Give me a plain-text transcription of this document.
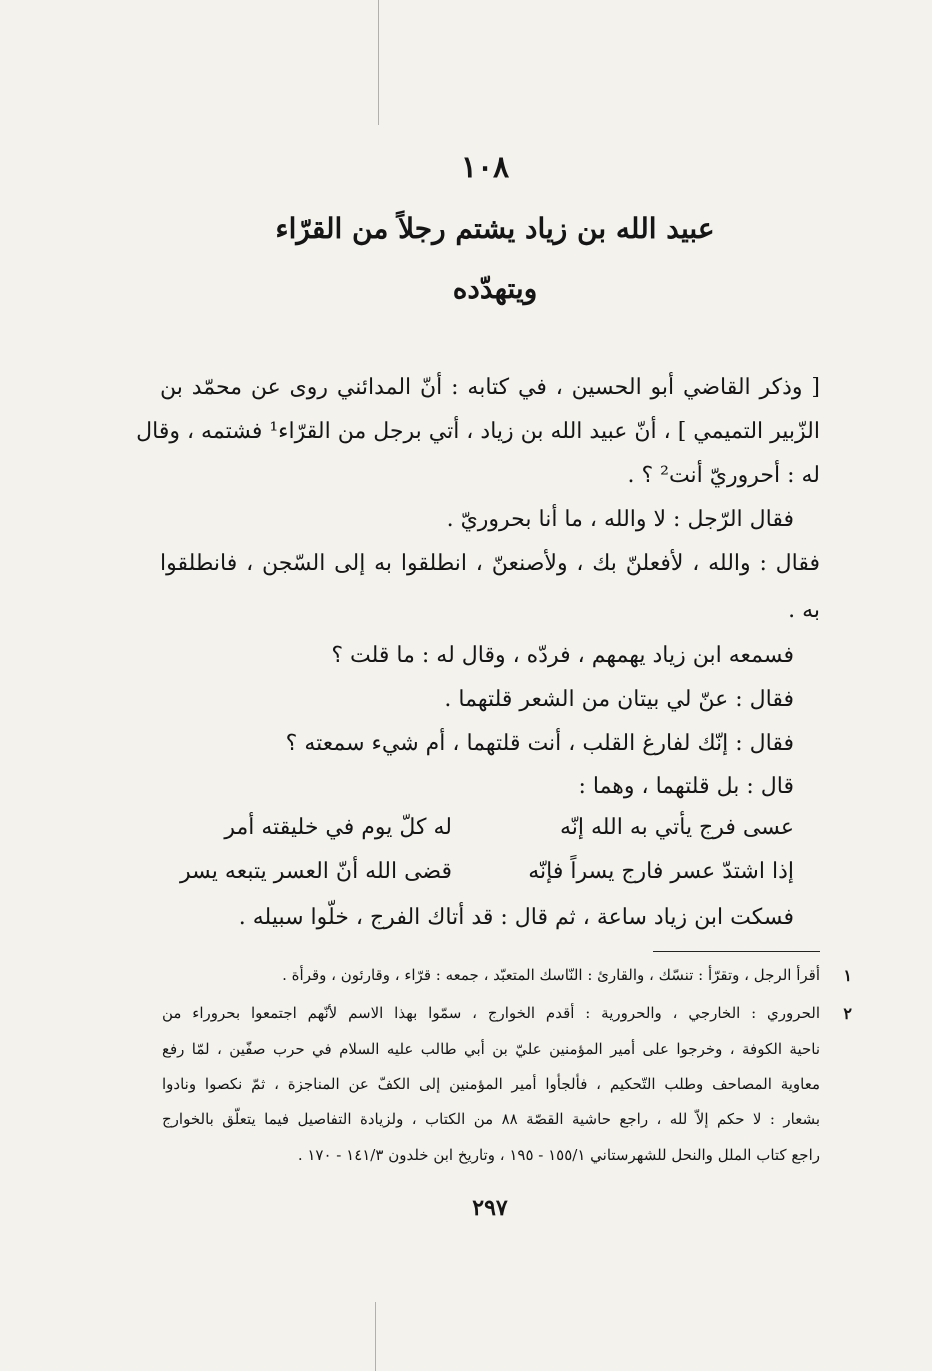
١٠٨
عبيد الله بن زياد يشتم رجلاً من القرّاء
ويتهدّده
[ وذكر القاضي أبو الحسين ، في كتابه : أنّ المدائني روى عن محمّد بن
الزّبير التميمي ] ، أنّ عبيد الله بن زياد ، أتي برجل من القرّاء¹ فشتمه ، وقال
له : أحروريّ أنت² ؟ .
فقال الرّجل : لا والله ، ما أنا بحروريّ .
فقال : والله ، لأفعلنّ بك ، ولأصنعنّ ، انطلقوا به إلى السّجن ، فانطلقوا
به .
فسمعه ابن زياد يهمهم ، فردّه ، وقال له : ما قلت ؟
فقال : عنّ لي بيتان من الشعر قلتهما .
فقال : إنّك لفارغ القلب ، أنت قلتهما ، أم شيء سمعته ؟
قال : بل قلتهما ، وهما :
عسى فرج يأتي به الله إنّه
له كلّ يوم في خليقته أمر
إذا اشتدّ عسر فارج يسراً فإنّه
قضى الله أنّ العسر يتبعه يسر
فسكت ابن زياد ساعة ، ثم قال : قد أتاك الفرج ، خلّوا سبيله .
١
أقرأ الرجل ، وتقرّأ : تنسّك ، والقارئ : النّاسك المتعبّد ، جمعه : قرّاء ، وقارئون ، وقرأة .
٢
الحروري : الخارجي ، والحرورية : أقدم الخوارج ، سمّوا بهذا الاسم لأنّهم اجتمعوا بحروراء من
ناحية الكوفة ، وخرجوا على أمير المؤمنين عليّ بن أبي طالب عليه السلام في حرب صفّين ، لمّا رفع
معاوية المصاحف وطلب التّحكيم ، فألجأوا أمير المؤمنين إلى الكفّ عن المناجزة ، ثمّ نكصوا ونادوا
بشعار : لا حكم إلاّ لله ، راجع حاشية القصّة ٨٨ من الكتاب ، ولزيادة التفاصيل فيما يتعلّق بالخوارج
راجع كتاب الملل والنحل للشهرستاني ١٥٥/١ - ١٩٥ ، وتاريخ ابن خلدون ١٤١/٣ - ١٧٠ .
٢٩٧
